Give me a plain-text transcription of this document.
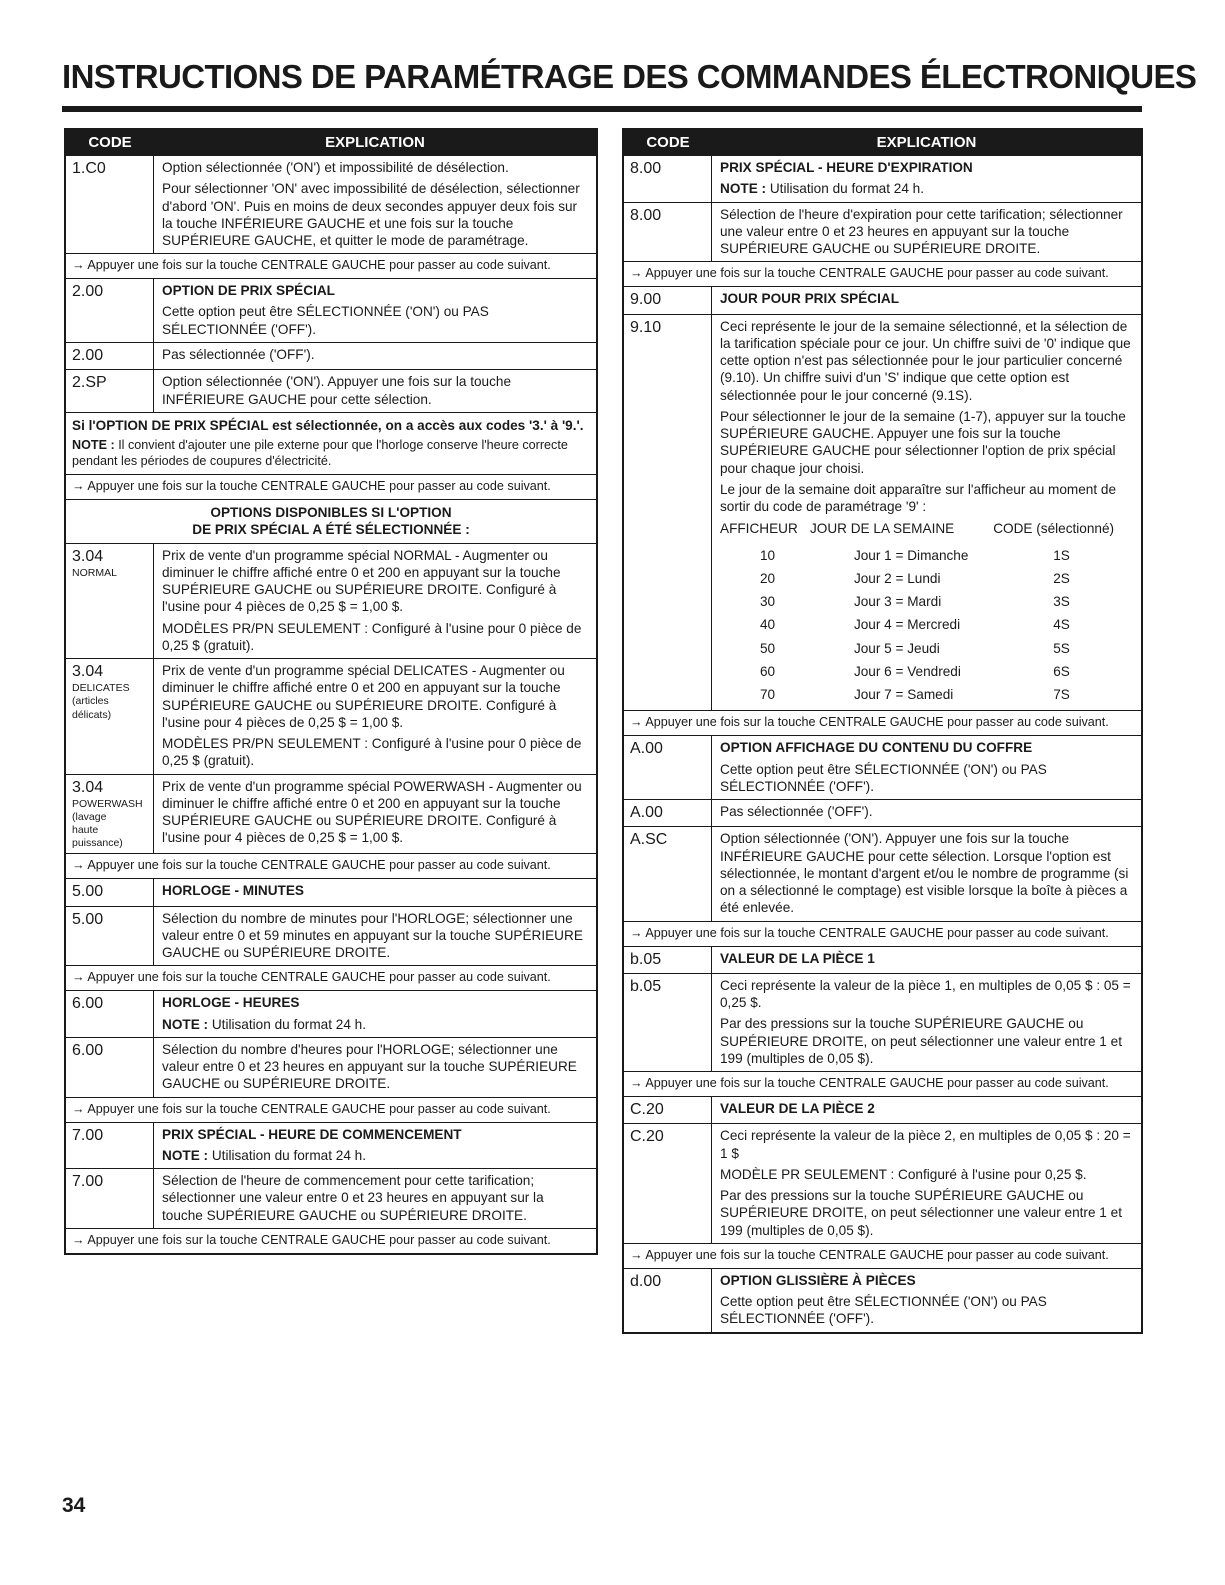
INSTRUCTIONS DE PARAMÉTRAGE DES COMMANDES ÉLECTRONIQUES
CODE	EXPLICATION
1.C0	Option sélectionnée ('ON') et impossibilité de désélection.

Pour sélectionner 'ON' avec impossibilité de désélection, sélectionner d'abord 'ON'. Puis en moins de deux secondes appuyer deux fois sur la touche INFÉRIEURE GAUCHE et une fois sur la touche SUPÉRIEURE GAUCHE, et quitter le mode de paramétrage.

→ Appuyer une fois sur la touche CENTRALE GAUCHE pour passer au code suivant.
2.00	OPTION DE PRIX SPÉCIAL

Cette option peut être SÉLECTIONNÉE ('ON') ou PAS SÉLECTIONNÉE ('OFF').

2.00	Pas sélectionnée ('OFF').

2.SP	Option sélectionnée ('ON'). Appuyer une fois sur la touche INFÉRIEURE GAUCHE pour cette sélection.

Si l'OPTION DE PRIX SPÉCIAL est sélectionnée, on a accès aux codes '3.' à '9.'.

NOTE : Il convient d'ajouter une pile externe pour que l'horloge conserve l'heure correcte pendant les périodes de coupures d'électricité.

→ Appuyer une fois sur la touche CENTRALE GAUCHE pour passer au code suivant.
OPTIONS DISPONIBLES SI L'OPTION
DE PRIX SPÉCIAL A ÉTÉ SÉLECTIONNÉE :
3.04
NORMAL

Prix de vente d'un programme spécial NORMAL - Augmenter ou diminuer le chiffre affiché entre 0 et 200 en appuyant sur la touche SUPÉRIEURE GAUCHE ou SUPÉRIEURE DROITE. Configuré à l'usine pour 4 pièces de 0,25 $ = 1,00 $.

MODÈLES PR/PN SEULEMENT : Configuré à l'usine pour 0 pièce de 0,25 $ (gratuit).

3.04
DELICATES
(articles
délicats)

Prix de vente d'un programme spécial DELICATES - Augmenter ou diminuer le chiffre affiché entre 0 et 200 en appuyant sur la touche SUPÉRIEURE GAUCHE ou SUPÉRIEURE DROITE. Configuré à l'usine pour 4 pièces de 0,25 $ = 1,00 $.

MODÈLES PR/PN SEULEMENT : Configuré à l'usine pour 0 pièce de 0,25 $ (gratuit).

3.04
POWERWASH
(lavage
haute
puissance)

Prix de vente d'un programme spécial POWERWASH - Augmenter ou diminuer le chiffre affiché entre 0 et 200 en appuyant sur la touche SUPÉRIEURE GAUCHE ou SUPÉRIEURE DROITE. Configuré à l'usine pour 4 pièces de 0,25 $ = 1,00 $.

→ Appuyer une fois sur la touche CENTRALE GAUCHE pour passer au code suivant.
5.00	HORLOGE - MINUTES

5.00	Sélection du nombre de minutes pour l'HORLOGE; sélectionner une valeur entre 0 et 59 minutes en appuyant sur la touche SUPÉRIEURE GAUCHE ou SUPÉRIEURE DROITE.

→ Appuyer une fois sur la touche CENTRALE GAUCHE pour passer au code suivant.
6.00	HORLOGE - HEURES

NOTE : Utilisation du format 24 h.

6.00	Sélection du nombre d'heures pour l'HORLOGE; sélectionner une valeur entre 0 et 23 heures en appuyant sur la touche SUPÉRIEURE GAUCHE ou SUPÉRIEURE DROITE.

→ Appuyer une fois sur la touche CENTRALE GAUCHE pour passer au code suivant.
7.00	PRIX SPÉCIAL - HEURE DE COMMENCEMENT

NOTE : Utilisation du format 24 h.

7.00	Sélection de l'heure de commencement pour cette tarification; sélectionner une valeur entre 0 et 23 heures en appuyant sur la touche SUPÉRIEURE GAUCHE ou SUPÉRIEURE DROITE.

→ Appuyer une fois sur la touche CENTRALE GAUCHE pour passer au code suivant.
CODE	EXPLICATION
8.00	PRIX SPÉCIAL - HEURE D'EXPIRATION

NOTE : Utilisation du format 24 h.

8.00	Sélection de l'heure d'expiration pour cette tarification; sélectionner une valeur entre 0 et 23 heures en appuyant sur la touche SUPÉRIEURE GAUCHE ou SUPÉRIEURE DROITE.

→ Appuyer une fois sur la touche CENTRALE GAUCHE pour passer au code suivant.
9.00	JOUR POUR PRIX SPÉCIAL

9.10	Ceci représente le jour de la semaine sélectionné, et la sélection de la tarification spéciale pour ce jour. Un chiffre suivi de '0' indique que cette option n'est pas sélectionnée pour le jour particulier concerné (9.10). Un chiffre suivi d'un 'S' indique que cette option est sélectionnée pour le jour concerné (9.1S).

Pour sélectionner le jour de la semaine (1-7), appuyer sur la touche SUPÉRIEURE GAUCHE. Appuyer une fois sur la touche SUPÉRIEURE GAUCHE pour sélectionner l'option de prix spécial pour chaque jour choisi.

Le jour de la semaine doit apparaître sur l'afficheur au moment de sortir du code de paramétrage '9' :

AFFICHEUR	JOUR DE LA SEMAINE	CODE (sélectionné)
10	Jour 1 = Dimanche	1S
20	Jour 2 = Lundi	2S
30	Jour 3 = Mardi	3S
40	Jour 4 = Mercredi	4S
50	Jour 5 = Jeudi	5S
60	Jour 6 = Vendredi	6S
70	Jour 7 = Samedi	7S
→ Appuyer une fois sur la touche CENTRALE GAUCHE pour passer au code suivant.
A.00	OPTION AFFICHAGE DU CONTENU DU COFFRE

Cette option peut être SÉLECTIONNÉE ('ON') ou PAS SÉLECTIONNÉE ('OFF').

A.00	Pas sélectionnée ('OFF').

A.SC	Option sélectionnée ('ON'). Appuyer une fois sur la touche INFÉRIEURE GAUCHE pour cette sélection. Lorsque l'option est sélectionnée, le montant d'argent et/ou le nombre de programme (si on a sélectionné le comptage) est visible lorsque la boîte à pièces a été enlevée.

→ Appuyer une fois sur la touche CENTRALE GAUCHE pour passer au code suivant.
b.05	VALEUR DE LA PIÈCE 1

b.05	Ceci représente la valeur de la pièce 1, en multiples de 0,05 $ : 05 = 0,25 $.

Par des pressions sur la touche SUPÉRIEURE GAUCHE ou SUPÉRIEURE DROITE, on peut sélectionner une valeur entre 1 et 199 (multiples de 0,05 $).

→ Appuyer une fois sur la touche CENTRALE GAUCHE pour passer au code suivant.
C.20	VALEUR DE LA PIÈCE 2

C.20	Ceci représente la valeur de la pièce 2, en multiples de 0,05 $ : 20 = 1 $

MODÈLE PR SEULEMENT : Configuré à l'usine pour 0,25 $.

Par des pressions sur la touche SUPÉRIEURE GAUCHE ou SUPÉRIEURE DROITE, on peut sélectionner une valeur entre 1 et 199 (multiples de 0,05 $).

→ Appuyer une fois sur la touche CENTRALE GAUCHE pour passer au code suivant.
d.00	OPTION GLISSIÈRE À PIÈCES

Cette option peut être SÉLECTIONNÉE ('ON') ou PAS SÉLECTIONNÉE ('OFF').

34
